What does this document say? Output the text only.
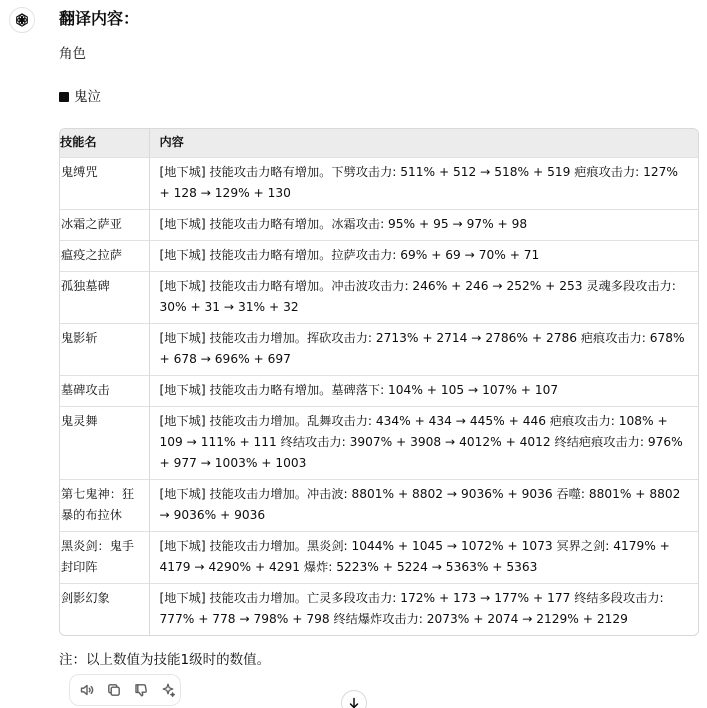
翻译内容：
角色
鬼泣
技能名	内容
鬼缚咒	[地下城] 技能攻击力略有增加。下劈攻击力: 511% + 512 → 518% + 519 疤痕攻击力: 127% + 128 → 129% + 130
冰霜之萨亚	[地下城] 技能攻击力略有增加。冰霜攻击: 95% + 95 → 97% + 98
瘟疫之拉萨	[地下城] 技能攻击力略有增加。拉萨攻击力: 69% + 69 → 70% + 71
孤独墓碑	[地下城] 技能攻击力略有增加。冲击波攻击力: 246% + 246 → 252% + 253 灵魂多段攻击力: 30% + 31 → 31% + 32
鬼影斩	[地下城] 技能攻击力增加。挥砍攻击力: 2713% + 2714 → 2786% + 2786 疤痕攻击力: 678% + 678 → 696% + 697
墓碑攻击	[地下城] 技能攻击力略有增加。墓碑落下: 104% + 105 → 107% + 107
鬼灵舞	[地下城] 技能攻击力增加。乱舞攻击力: 434% + 434 → 445% + 446 疤痕攻击力: 108% + 109 → 111% + 111 终结攻击力: 3907% + 3908 → 4012% + 4012 终结疤痕攻击力: 976% + 977 → 1003% + 1003
第七鬼神：狂暴的布拉休	[地下城] 技能攻击力增加。冲击波: 8801% + 8802 → 9036% + 9036 吞噬: 8801% + 8802 → 9036% + 9036
黑炎剑：鬼手封印阵	[地下城] 技能攻击力增加。黑炎剑: 1044% + 1045 → 1072% + 1073 冥界之剑: 4179% + 4179 → 4290% + 4291 爆炸: 5223% + 5224 → 5363% + 5363
剑影幻象	[地下城] 技能攻击力增加。亡灵多段攻击力: 172% + 173 → 177% + 177 终结多段攻击力: 777% + 778 → 798% + 798 终结爆炸攻击力: 2073% + 2074 → 2129% + 2129
注：以上数值为技能1级时的数值。
